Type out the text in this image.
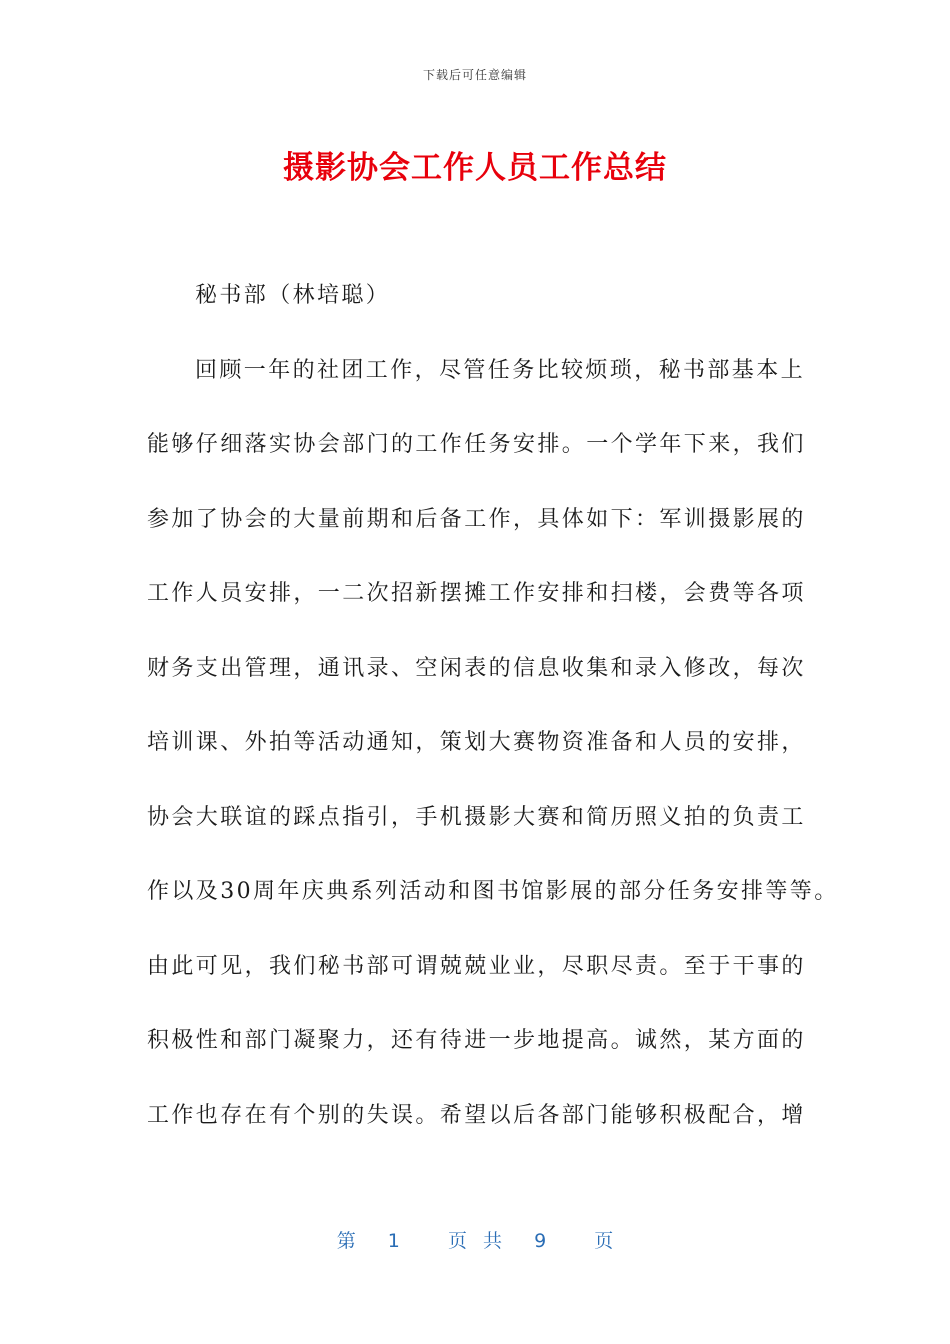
下载后可任意编辑
摄影协会工作人员工作总结
秘书部（林培聪）
回顾一年的社团工作，尽管任务比较烦琐，秘书部基本上
能够仔细落实协会部门的工作任务安排。一个学年下来，我们
参加了协会的大量前期和后备工作，具体如下：军训摄影展的
工作人员安排，一二次招新摆摊工作安排和扫楼，会费等各项
财务支出管理，通讯录、空闲表的信息收集和录入修改，每次
培训课、外拍等活动通知，策划大赛物资准备和人员的安排，
协会大联谊的踩点指引，手机摄影大赛和简历照义拍的负责工
作以及30周年庆典系列活动和图书馆影展的部分任务安排等等。
由此可见，我们秘书部可谓兢兢业业，尽职尽责。至于干事的
积极性和部门凝聚力，还有待进一步地提高。诚然，某方面的
工作也存在有个别的失误。希望以后各部门能够积极配合，增
第  1   页 共  9   页
